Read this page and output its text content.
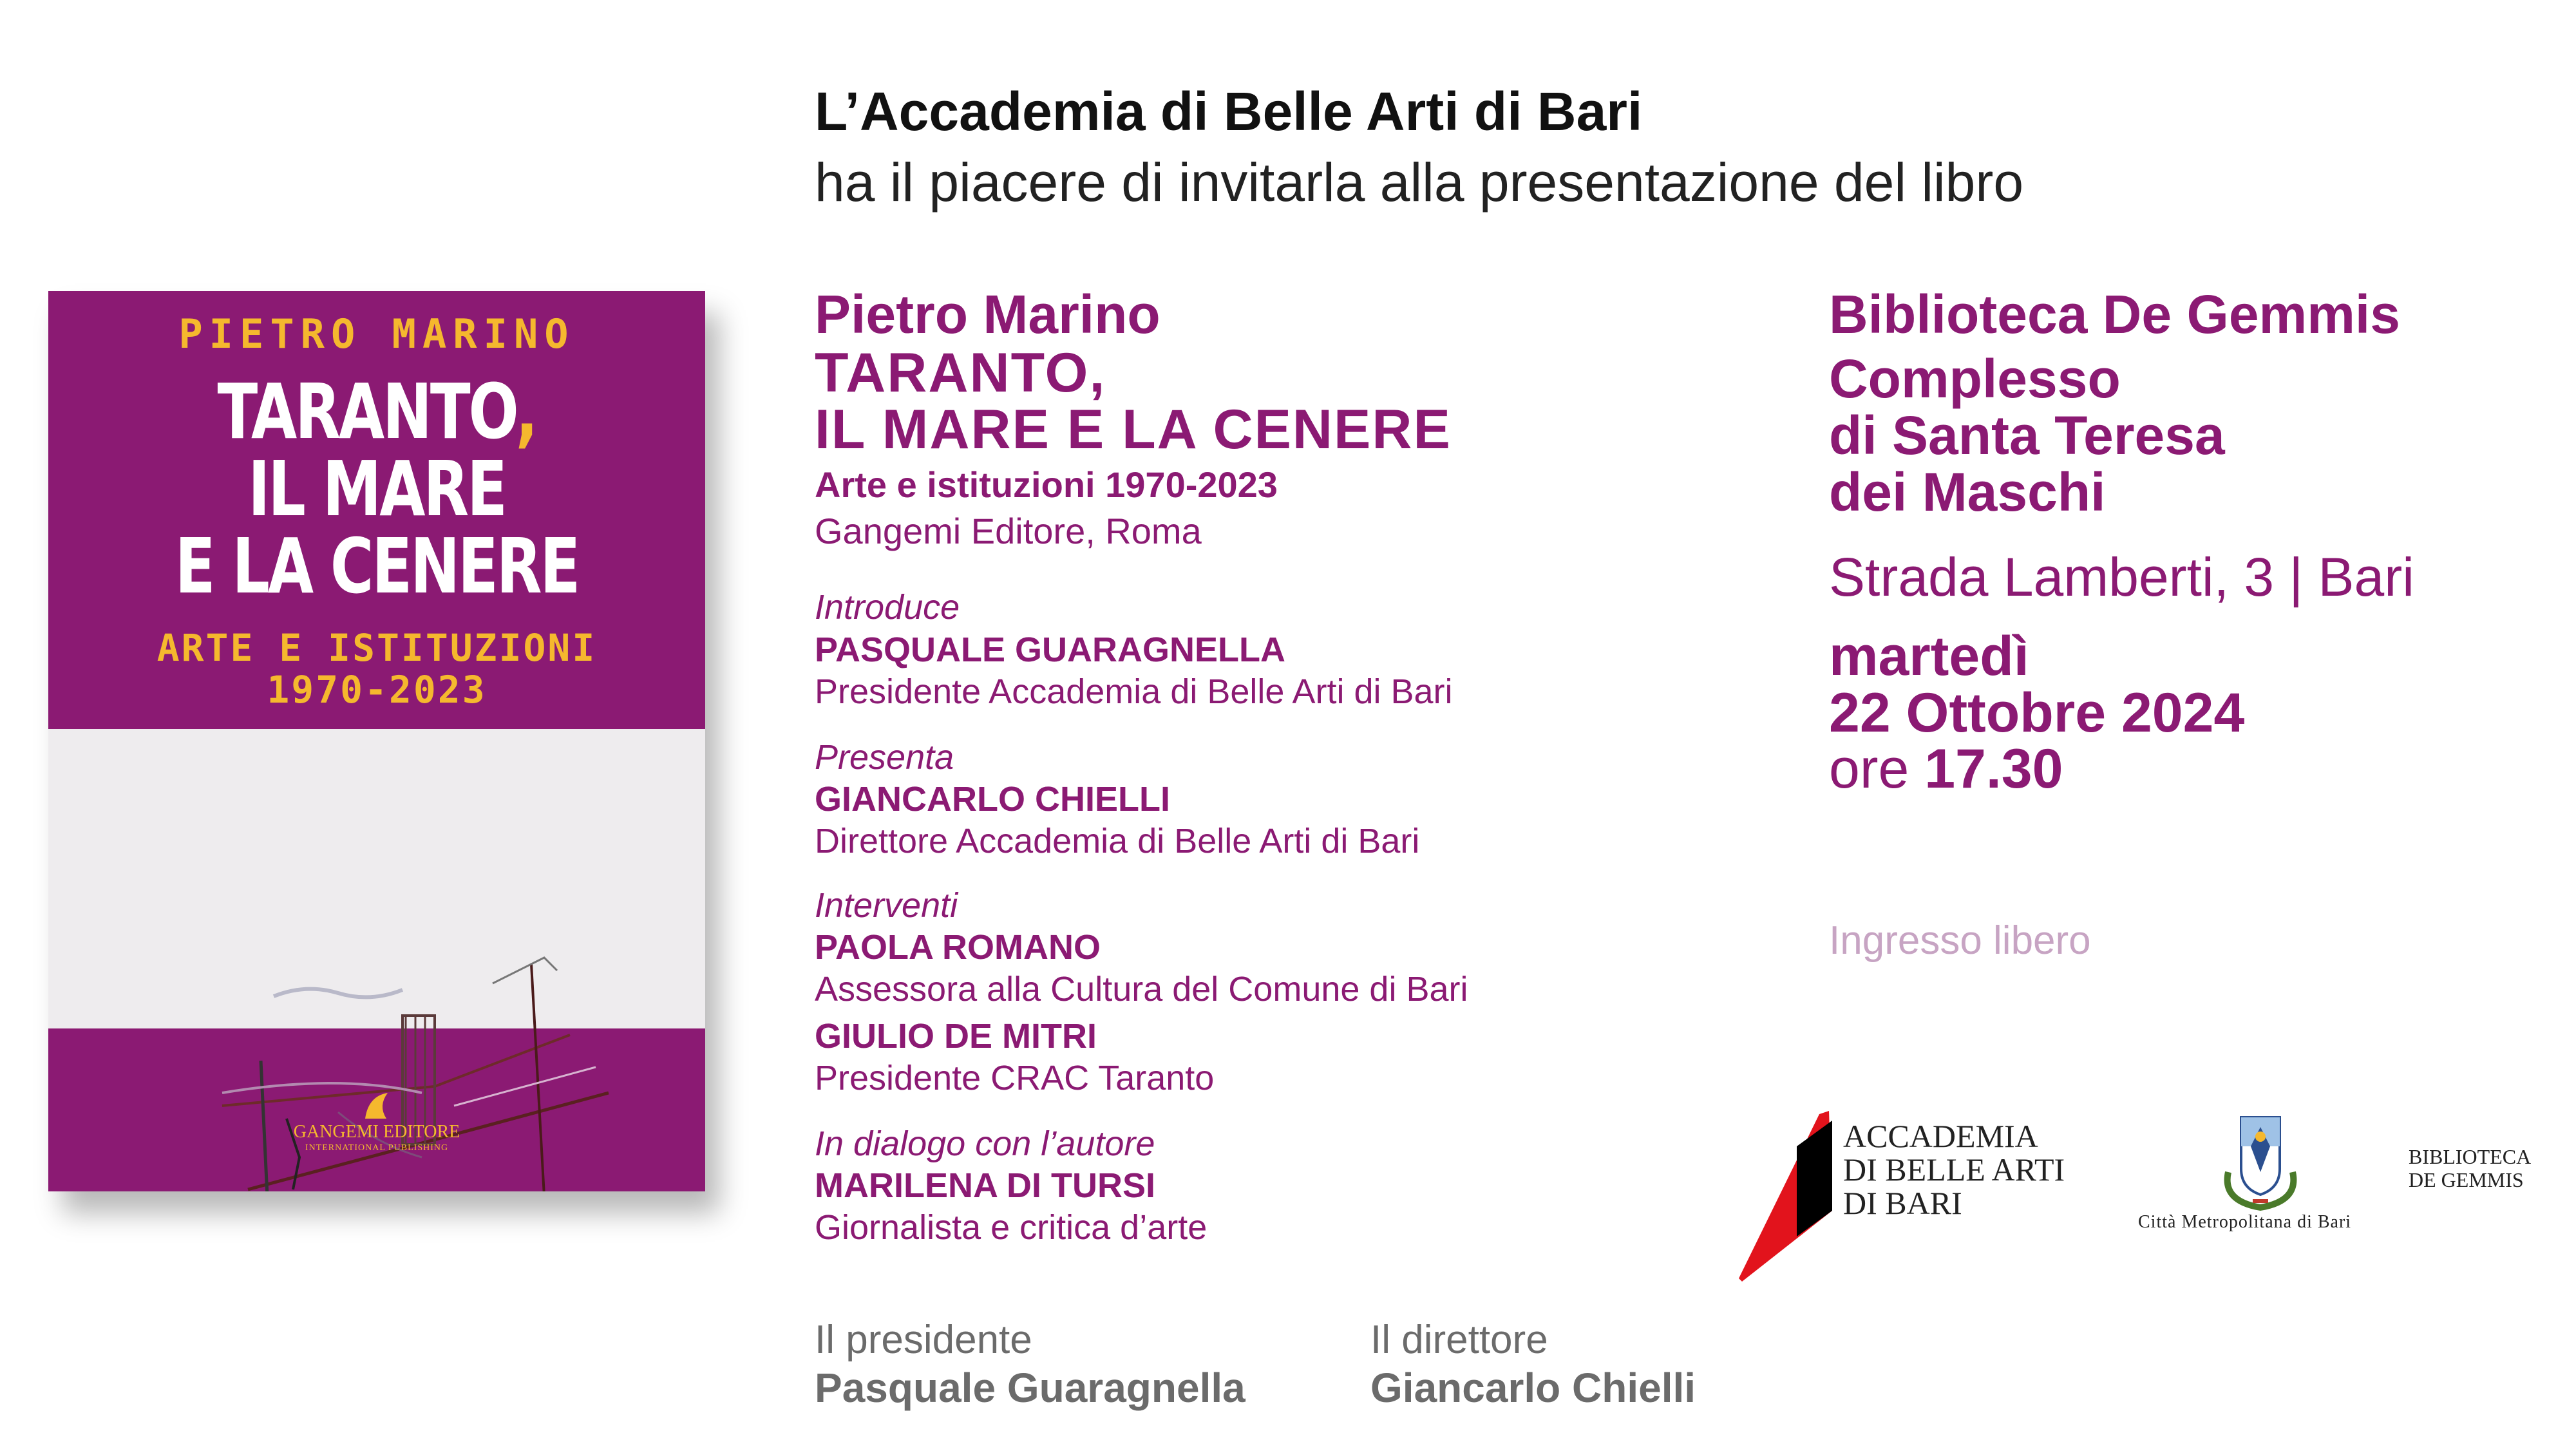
L’Accademia di Belle Arti di Bari
ha il piacere di invitarla alla presentazione del libro
PIETRO MARINO
TARANTO,
IL MARE
E LA CENERE
ARTE E ISTITUZIONI
1970-2023
GANGEMI EDITORE
INTERNATIONAL PUBLISHING
Pietro Marino
TARANTO,
IL MARE E LA CENERE
Arte e istituzioni 1970-2023
Gangemi Editore, Roma
Introduce
PASQUALE GUARAGNELLA
Presidente Accademia di Belle Arti di Bari
Presenta
GIANCARLO CHIELLI
Direttore Accademia di Belle Arti di Bari
Interventi
PAOLA ROMANO
Assessora alla Cultura del Comune di Bari
GIULIO DE MITRI
Presidente CRAC Taranto
In dialogo con l’autore
MARILENA DI TURSI
Giornalista e critica d’arte
Biblioteca De Gemmis
Complesso
di Santa Teresa
dei Maschi
Strada Lamberti, 3 | Bari
martedì
22 Ottobre 2024
ore 17.30
Ingresso libero
ACCADEMIA
DI BELLE ARTI
DI BARI
Città Metropolitana di Bari
BIBLIOTECA
DE GEMMIS
Il presidente
Pasquale Guaragnella
Il direttore
Giancarlo Chielli
